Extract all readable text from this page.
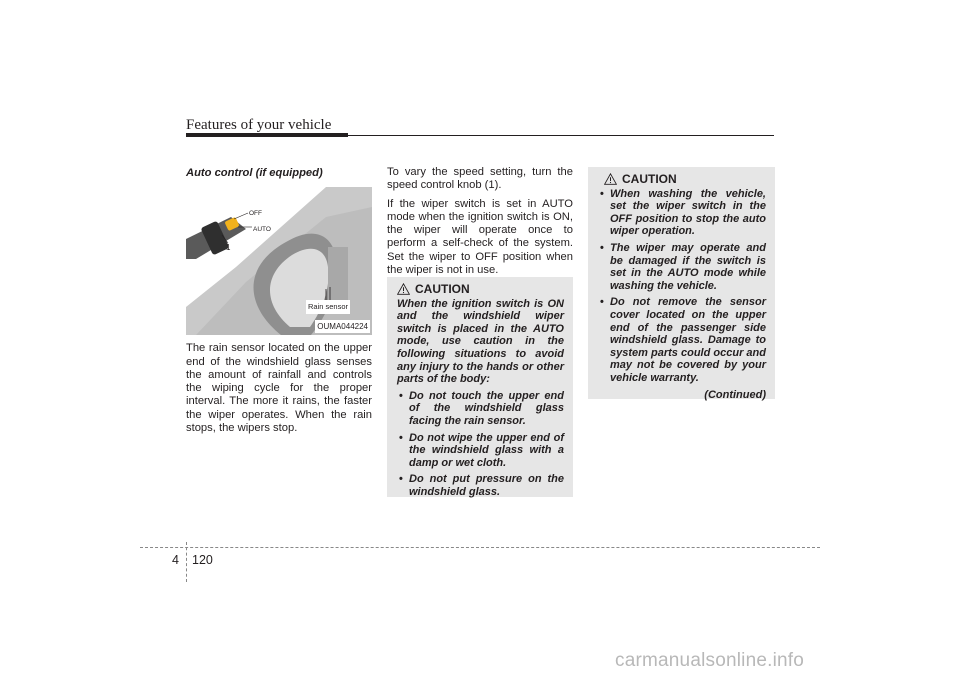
Features of your vehicle
Auto control (if equipped)
OFF
AUTO
1
Rain sensor
OUMA044224

The rain sensor located on the upper end of the windshield glass senses the amount of rainfall and controls the wiping cycle for the proper interval. The more it rains, the faster the wiper operates. When the rain stops, the wipers stop.

To vary the speed setting, turn the speed control knob (1).

If the wiper switch is set in AUTO mode when the ignition switch is ON, the wiper will operate once to perform a self-check of the system. Set the wiper to OFF position when the wiper is not in use.

CAUTION
When the ignition switch is ON and the windshield wiper switch is placed in the AUTO mode, use caution in the following situations to avoid any injury to the hands or other parts of the body:
• Do not touch the upper end of the windshield glass facing the rain sensor.
• Do not wipe the upper end of the windshield glass with a damp or wet cloth.
• Do not put pressure on the windshield glass.
CAUTION
• When washing the vehicle, set the wiper switch in the OFF position to stop the auto wiper operation.
• The wiper may operate and be damaged if the switch is set in the AUTO mode while washing the vehicle.
• Do not remove the sensor cover located on the upper end of the passenger side windshield glass. Damage to system parts could occur and may not be covered by your vehicle warranty.
(Continued)
4 120
carmanualsonline.info
